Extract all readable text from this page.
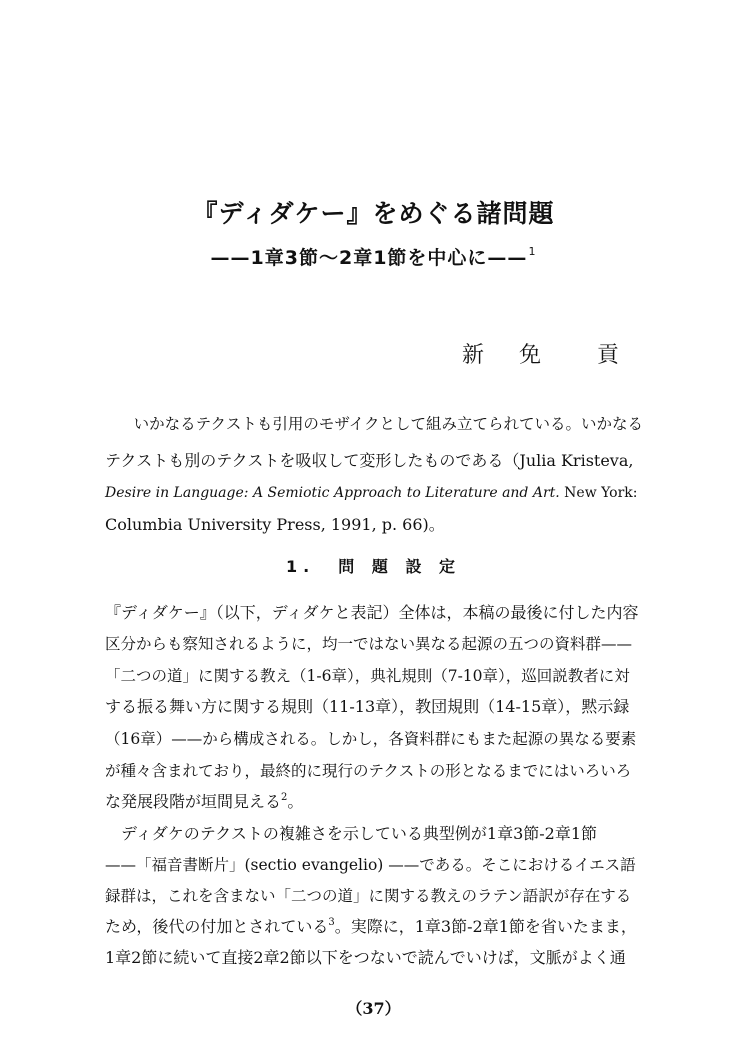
『ディダケー』をめぐる諸問題
——1章3節〜2章1節を中心に——$^1$
新 免  貢
いかなるテクストも引用のモザイクとして組み立てられている。いかなる
テクストも別のテクストを吸収して変形したものである（Julia Kristeva,
Desire in Language: A Semiotic Approach to Literature and Art. New York:
Columbia University Press, 1991, p. 66)。
1.  問 題 設 定
『ディダケー』（以下，ディダケと表記）全体は，本稿の最後に付した内容
区分からも察知されるように，均一ではない異なる起源の五つの資料群——
「二つの道」に関する教え（1-6章），典礼規則（7-10章），巡回説教者に対
する振る舞い方に関する規則（11-13章），教団規則（14-15章），黙示録
（16章）——から構成される。しかし，各資料群にもまた起源の異なる要素
が種々含まれており，最終的に現行のテクストの形となるまでにはいろいろ
な発展段階が垣間見える$^2$。
ディダケのテクストの複雑さを示している典型例が1章3節-2章1節
——「福音書断片」(sectio evangelio) ——である。そこにおけるイエス語
録群は，これを含まない「二つの道」に関する教えのラテン語訳が存在する
ため，後代の付加とされている$^3$。実際に，1章3節-2章1節を省いたまま，
1章2節に続いて直接2章2節以下をつないで読んでいけば，文脈がよく通
（37）
